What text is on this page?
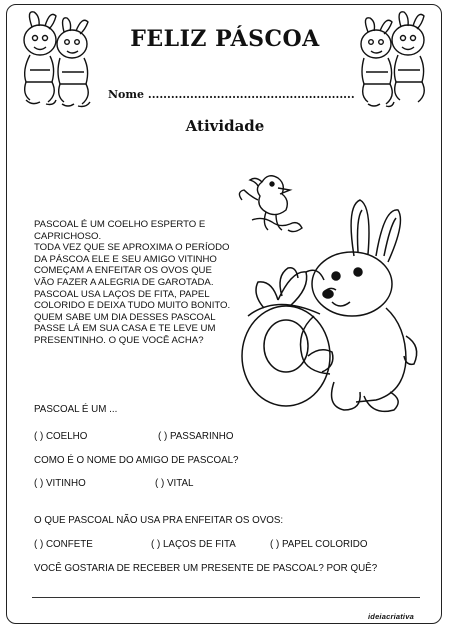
FELIZ PÁSCOA
Nome ......................................................
Atividade
PASCOAL É UM COELHO ESPERTO E
CAPRICHOSO.
TODA VEZ QUE SE APROXIMA O PERÍODO
DA PÁSCOA ELE E SEU AMIGO VITINHO
COMEÇAM A ENFEITAR OS OVOS QUE
VÃO FAZER A ALEGRIA DE GAROTADA.
PASCOAL USA LAÇOS DE FITA, PAPEL
COLORIDO E DEIXA TUDO MUITO BONITO.
QUEM SABE UM DIA DESSES PASCOAL
PASSE LÁ EM SUA CASA E TE LEVE UM
PRESENTINHO. O QUE VOCÊ ACHA?
PASCOAL É UM ...
( ) COELHO	( ) PASSARINHO
COMO É O NOME DO AMIGO DE PASCOAL?
( ) VITINHO	( ) VITAL
O QUE PASCOAL NÃO USA PRA ENFEITAR OS OVOS:
( ) CONFETE	( ) LAÇOS DE FITA	( ) PAPEL COLORIDO
VOCÊ GOSTARIA DE RECEBER UM PRESENTE DE PASCOAL? POR QUÊ?
ideiacriativa
